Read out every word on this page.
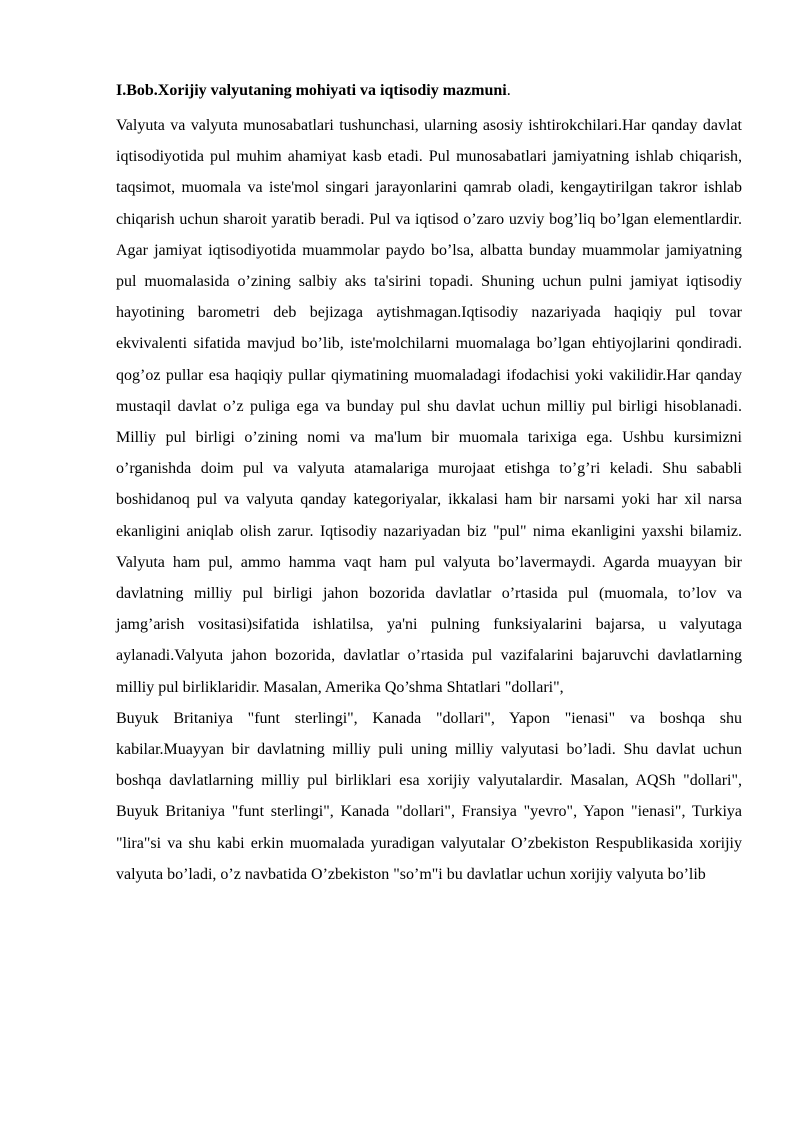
I.Bob.Xorijiy valyutaning mohiyati va iqtisodiy mazmuni.

Valyuta va valyuta munosabatlari tushunchasi, ularning asosiy ishtirokchilari.Har qanday davlat iqtisodiyotida pul muhim ahamiyat kasb etadi. Pul munosabatlari jamiyatning ishlab chiqarish, taqsimot, muomala va iste'mol singari jarayonlarini qamrab oladi, kengaytirilgan takror ishlab chiqarish uchun sharoit yaratib beradi. Pul va iqtisod o’zaro uzviy bog’liq bo’lgan elementlardir. Agar jamiyat iqtisodiyotida muammolar paydo bo’lsa, albatta bunday muammolar jamiyatning pul muomalasida o’zining salbiy aks ta'sirini topadi. Shuning uchun pulni jamiyat iqtisodiy hayotining barometri deb bejizaga aytishmagan.Iqtisodiy nazariyada haqiqiy pul tovar ekvivalenti sifatida mavjud bo’lib, iste'molchilarni muomalaga bo’lgan ehtiyojlarini qondiradi. qog’oz pullar esa haqiqiy pullar qiymatining muomaladagi ifodachisi yoki vakilidir.Har qanday mustaqil davlat o’z puliga ega va bunday pul shu davlat uchun milliy pul birligi hisoblanadi. Milliy pul birligi o’zining nomi va ma'lum bir muomala tarixiga ega. Ushbu kursimizni o’rganishda doim pul va valyuta atamalariga murojaat etishga to’g’ri keladi. Shu sababli boshidanoq pul va valyuta qanday kategoriyalar, ikkalasi ham bir narsami yoki har xil narsa ekanligini aniqlab olish zarur. Iqtisodiy nazariyadan biz "pul" nima ekanligini yaxshi bilamiz. Valyuta ham pul, ammo hamma vaqt ham pul valyuta bo’lavermaydi. Agarda muayyan bir davlatning milliy pul birligi jahon bozorida davlatlar o’rtasida pul (muomala, to’lov va jamg’arish vositasi)sifatida ishlatilsa, ya'ni pulning funksiyalarini bajarsa, u valyutaga aylanadi.Valyuta jahon bozorida, davlatlar o’rtasida pul vazifalarini bajaruvchi davlatlarning milliy pul birliklaridir. Masalan, Amerika Qo’shma Shtatlari "dollari",

Buyuk Britaniya "funt sterlingi", Kanada "dollari", Yapon "ienasi" va boshqa shu kabilar.Muayyan bir davlatning milliy puli uning milliy valyutasi bo’ladi. Shu davlat uchun boshqa davlatlarning milliy pul birliklari esa xorijiy valyutalardir. Masalan, AQSh "dollari", Buyuk Britaniya "funt sterlingi", Kanada "dollari", Fransiya "yevro", Yapon "ienasi", Turkiya "lira"si va shu kabi erkin muomalada yuradigan valyutalar O’zbekiston Respublikasida xorijiy valyuta bo’ladi, o’z navbatida O’zbekiston "so’m"i bu davlatlar uchun xorijiy valyuta bo’lib
